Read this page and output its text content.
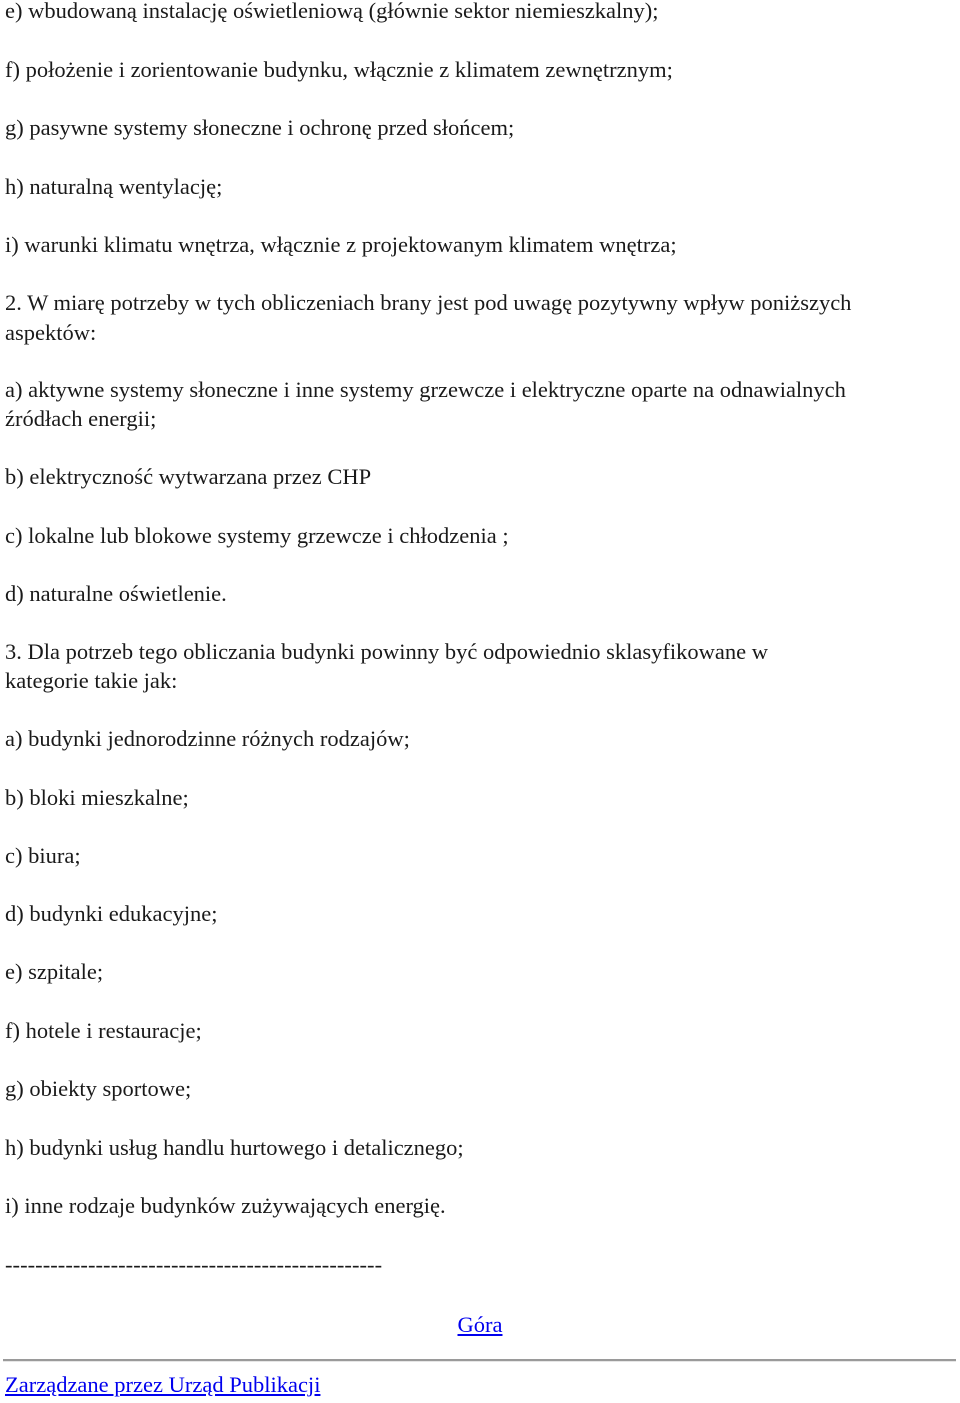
e) wbudowaną instalację oświetleniową (głównie sektor niemieszkalny);
f) położenie i zorientowanie budynku, włącznie z klimatem zewnętrznym;
g) pasywne systemy słoneczne i ochronę przed słońcem;
h) naturalną wentylację;
i) warunki klimatu wnętrza, włącznie z projektowanym klimatem wnętrza;
2. W miarę potrzeby w tych obliczeniach brany jest pod uwagę pozytywny wpływ poniższych
aspektów:
a) aktywne systemy słoneczne i inne systemy grzewcze i elektryczne oparte na odnawialnych
źródłach energii;
b) elektryczność wytwarzana przez CHP
c) lokalne lub blokowe systemy grzewcze i chłodzenia ;
d) naturalne oświetlenie.
3. Dla potrzeb tego obliczania budynki powinny być odpowiednio sklasyfikowane w
kategorie takie jak:
a) budynki jednorodzinne różnych rodzajów;
b) bloki mieszkalne;
c) biura;
d) budynki edukacyjne;
e) szpitale;
f) hotele i restauracje;
g) obiekty sportowe;
h) budynki usług handlu hurtowego i detalicznego;
i) inne rodzaje budynków zużywających energię.
--------------------------------------------------
Góra
Zarządzane przez Urząd Publikacji
